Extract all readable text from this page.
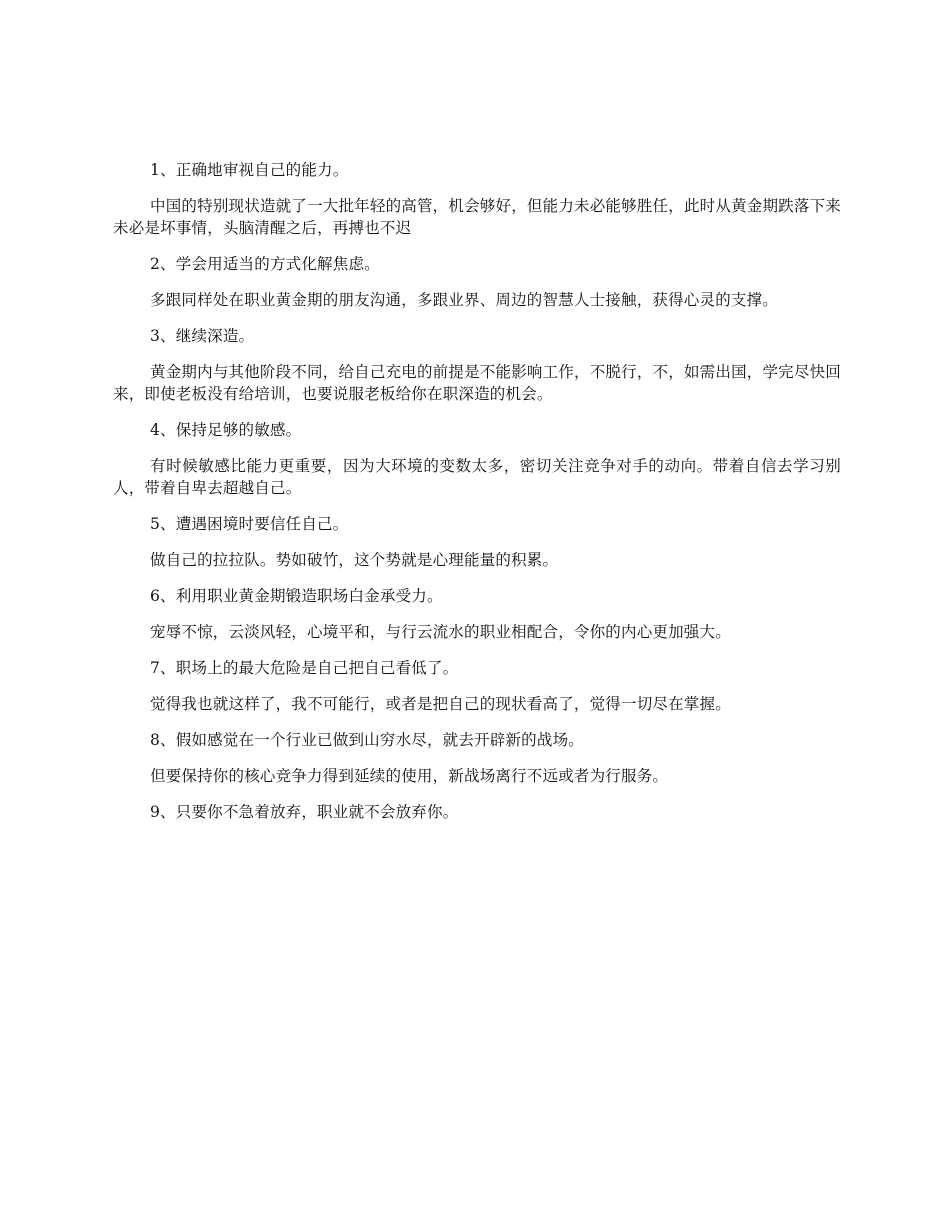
1、正确地审视自己的能力。

中国的特别现状造就了一大批年轻的高管，机会够好，但能力未必能够胜任，此时从黄金期跌落下来未必是坏事情，头脑清醒之后，再搏也不迟

2、学会用适当的方式化解焦虑。

多跟同样处在职业黄金期的朋友沟通，多跟业界、周边的智慧人士接触，获得心灵的支撑。

3、继续深造。

黄金期内与其他阶段不同，给自己充电的前提是不能影响工作，不脱行，不，如需出国，学完尽快回来，即使老板没有给培训，也要说服老板给你在职深造的机会。

4、保持足够的敏感。

有时候敏感比能力更重要，因为大环境的变数太多，密切关注竞争对手的动向。带着自信去学习别人，带着自卑去超越自己。

5、遭遇困境时要信任自己。

做自己的拉拉队。势如破竹，这个势就是心理能量的积累。

6、利用职业黄金期锻造职场白金承受力。

宠辱不惊，云淡风轻，心境平和，与行云流水的职业相配合，令你的内心更加强大。

7、职场上的最大危险是自己把自己看低了。

觉得我也就这样了，我不可能行，或者是把自己的现状看高了，觉得一切尽在掌握。

8、假如感觉在一个行业已做到山穷水尽，就去开辟新的战场。

但要保持你的核心竞争力得到延续的使用，新战场离行不远或者为行服务。

9、只要你不急着放弃，职业就不会放弃你。
